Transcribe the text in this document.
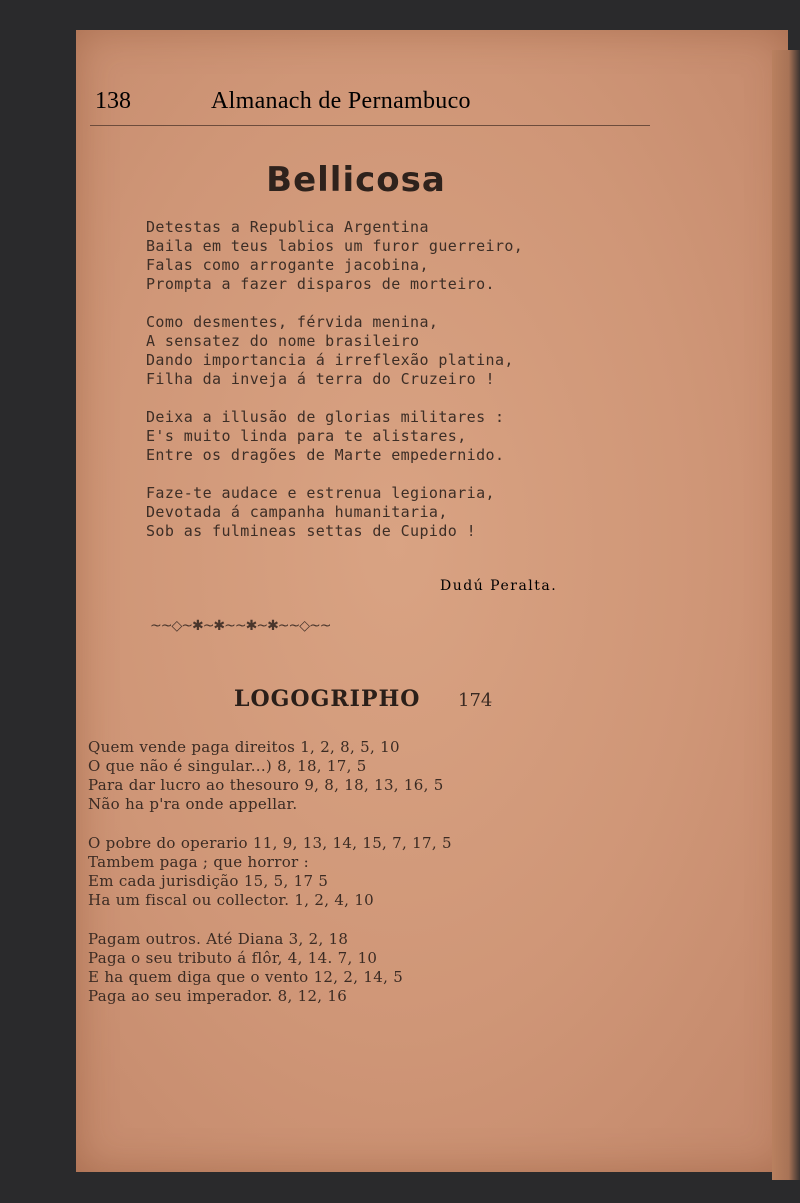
138	Almanach de Pernambuco
Bellicosa
Detestas a Republica Argentina
Baila em teus labios um furor guerreiro,
Falas como arrogante jacobina,
Prompta a fazer disparos de morteiro.
Como desmentes, férvida menina,
A sensatez do nome brasileiro
Dando importancia á irreflexão platina,
Filha da inveja á terra do Cruzeiro !
Deixa a illusão de glorias militares :
E's muito linda para te alistares,
Entre os dragões de Marte empedernido.
Faze-te audace e estrenua legionaria,
Devotada á campanha humanitaria,
Sob as fulmineas settas de Cupido !
Dudú Peralta.
~~◇~✱~✱~~✱~✱~~◇~~
LOGOGRIPHO 174
Quem vende paga direitos 1, 2, 8, 5, 10
O que não é singular...) 8, 18, 17, 5
Para dar lucro ao thesouro 9, 8, 18, 13, 16, 5
Não ha p'ra onde appellar.
O pobre do operario 11, 9, 13, 14, 15, 7, 17, 5
Tambem paga ; que horror :
Em cada jurisdição 15, 5, 17 5
Ha um fiscal ou collector. 1, 2, 4, 10
Pagam outros. Até Diana 3, 2, 18
Paga o seu tributo á flôr, 4, 14. 7, 10
E ha quem diga que o vento 12, 2, 14, 5
Paga ao seu imperador. 8, 12, 16
